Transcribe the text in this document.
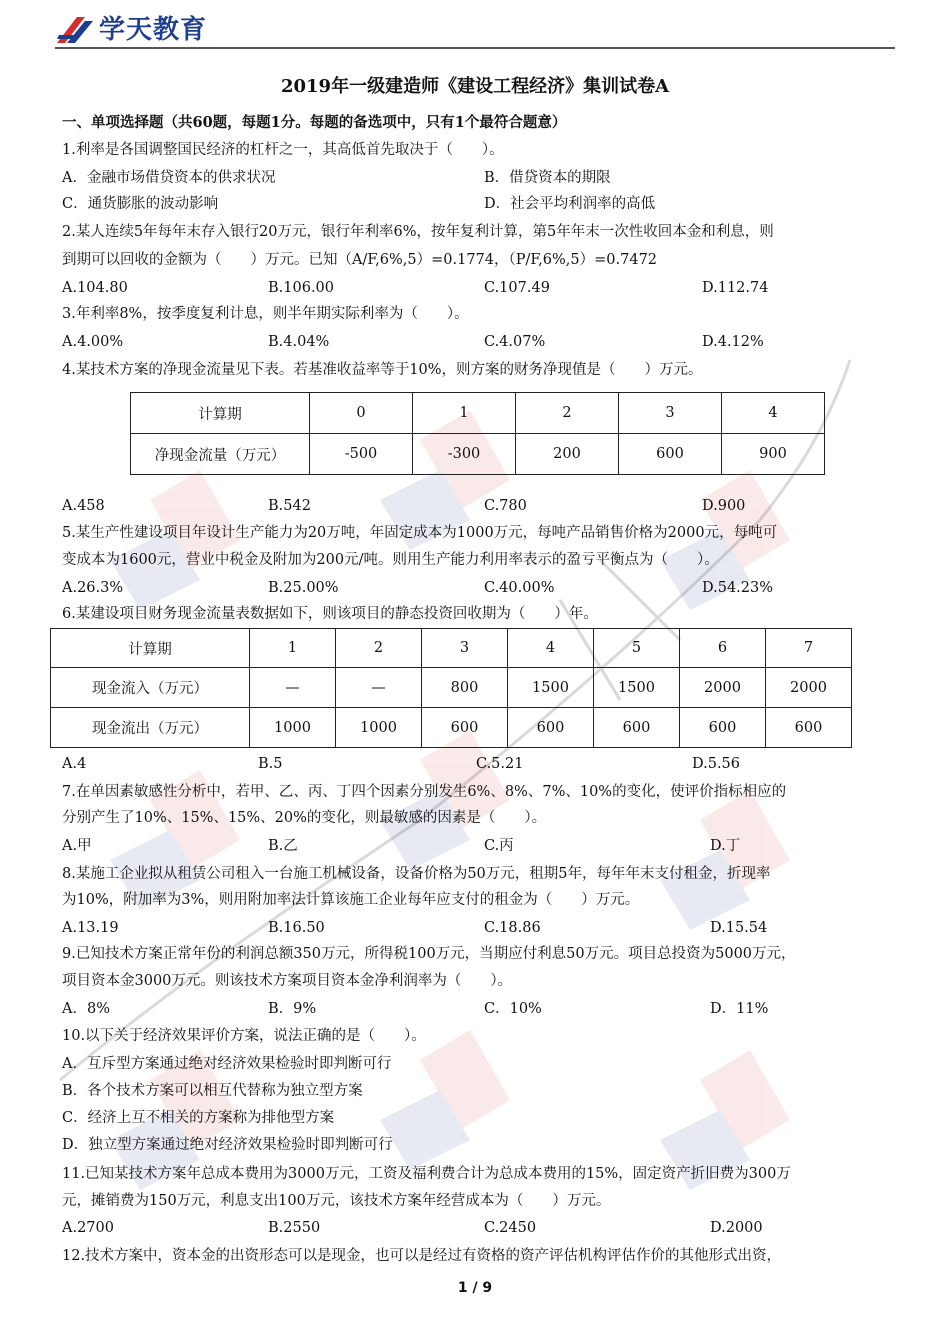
学天教育
2019年一级建造师《建设工程经济》集训试卷A
一、单项选择题（共60题，每题1分。每题的备选项中，只有1个最符合题意）
1.利率是各国调整国民经济的杠杆之一，其高低首先取决于（　　）。
A．金融市场借贷资本的供求状况	B．借贷资本的期限
C．通货膨胀的波动影响	D．社会平均利润率的高低
2.某人连续5年每年末存入银行20万元，银行年利率6%，按年复利计算，第5年年末一次性收回本金和利息，则
到期可以回收的金额为（　　）万元。已知（A/F,6%,5）=0.1774，（P/F,6%,5）=0.7472
A.104.80	B.106.00	C.107.49	D.112.74
3.年利率8%，按季度复利计息，则半年期实际利率为（　　）。
A.4.00%	B.4.04%	C.4.07%	D.4.12%
4.某技术方案的净现金流量见下表。若基准收益率等于10%，则方案的财务净现值是（　　）万元。
计算期	0	1	2	3	4
净现金流量（万元）	-500	-300	200	600	900
A.458	B.542	C.780	D.900
5.某生产性建设项目年设计生产能力为20万吨，年固定成本为1000万元，每吨产品销售价格为2000元，每吨可
变成本为1600元，营业中税金及附加为200元/吨。则用生产能力利用率表示的盈亏平衡点为（　　）。
A.26.3%	B.25.00%	C.40.00%	D.54.23%
6.某建设项目财务现金流量表数据如下，则该项目的静态投资回收期为（　　）年。
计算期	1	2	3	4	5	6	7
现金流入（万元）	—	—	800	1500	1500	2000	2000
现金流出（万元）	1000	1000	600	600	600	600	600
A.4	B.5	C.5.21	D.5.56
7.在单因素敏感性分析中，若甲、乙、丙、丁四个因素分别发生6%、8%、7%、10%的变化，使评价指标相应的
分别产生了10%、15%、15%、20%的变化，则最敏感的因素是（　　）。
A.甲	B.乙	C.丙	D.丁
8.某施工企业拟从租赁公司租入一台施工机械设备，设备价格为50万元，租期5年，每年年末支付租金，折现率
为10%，附加率为3%，则用附加率法计算该施工企业每年应支付的租金为（　　）万元。
A.13.19	B.16.50	C.18.86	D.15.54
9.已知技术方案正常年份的利润总额350万元，所得税100万元，当期应付利息50万元。项目总投资为5000万元，
项目资本金3000万元。则该技术方案项目资本金净利润率为（　　）。
A．8%	B．9%	C．10%	D．11%
10.以下关于经济效果评价方案，说法正确的是（　　）。
A．互斥型方案通过绝对经济效果检验时即判断可行
B．各个技术方案可以相互代替称为独立型方案
C．经济上互不相关的方案称为排他型方案
D．独立型方案通过绝对经济效果检验时即判断可行
11.已知某技术方案年总成本费用为3000万元，工资及福利费合计为总成本费用的15%，固定资产折旧费为300万
元，摊销费为150万元，利息支出100万元，该技术方案年经营成本为（　　）万元。
A.2700	B.2550	C.2450	D.2000
12.技术方案中，资本金的出资形态可以是现金，也可以是经过有资格的资产评估机构评估作价的其他形式出资，
1 / 9
